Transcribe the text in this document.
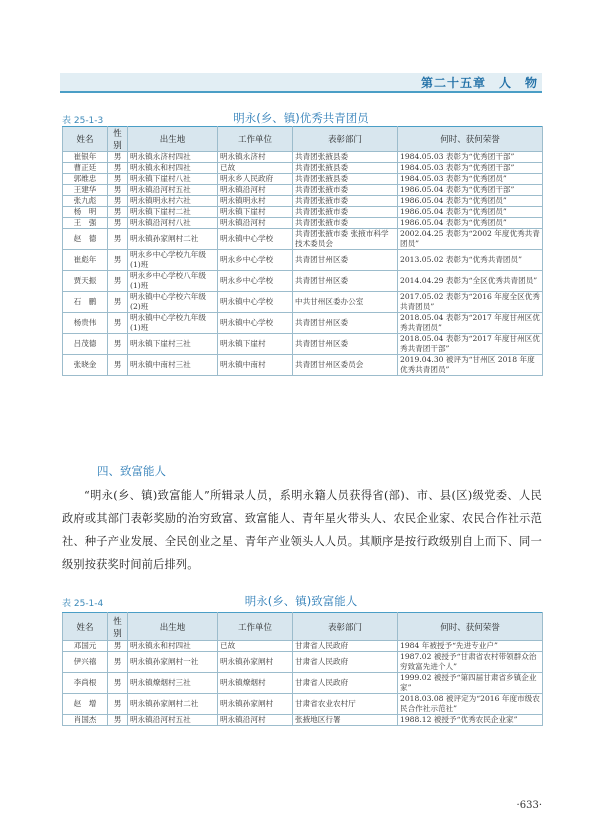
第二十五章　人　物
表 25-1-3	明永(乡、镇)优秀共青团员
姓名	性别	出生地	工作单位	表彰部门	何时、获何荣誉
崔银年	男	明永镇永济村四社	明永镇永济村	共青团张掖县委	1984.05.03 表彰为“优秀团干部”
曹正廷	男	明永镇永和村四社	已故	共青团张掖县委	1984.05.03 表彰为“优秀团干部”
郭维忠	男	明永镇下崖村八社	明永乡人民政府	共青团张掖县委	1984.05.03 表彰为“优秀团员”
王建华	男	明永镇沿河村五社	明永镇沿河村	共青团张掖市委	1986.05.04 表彰为“优秀团干部”
张九彪	男	明永镇明永村六社	明永镇明永村	共青团张掖市委	1986.05.04 表彰为“优秀团员”
杨　明	男	明永镇下崖村二社	明永镇下崖村	共青团张掖市委	1986.05.04 表彰为“优秀团员”
王　强	男	明永镇沿河村八社	明永镇沿河村	共青团张掖市委	1986.05.04 表彰为“优秀团员”
赵　德	男	明永镇孙家闸村二社	明永镇中心学校	共青团张掖市委 张掖市科学技术委员会	2002.04.25 表彰为“2002 年度优秀共青团员”
崔彪年	男	明永乡中心学校九年级(1)班	明永乡中心学校	共青团甘州区委	2013.05.02 表彰为“优秀共青团员”
贾天振	男	明永乡中心学校八年级(1)班	明永乡中心学校	共青团甘州区委	2014.04.29 表彰为“全区优秀共青团员”
石　鹏	男	明永镇中心学校六年级(2)班	明永镇中心学校	中共甘州区委办公室	2017.05.02 表彰为“2016 年度全区优秀共青团员”
杨贵伟	男	明永镇中心学校九年级(1)班	明永镇中心学校	共青团甘州区委	2018.05.04 表彰为“2017 年度甘州区优秀共青团员”
吕茂德	男	明永镇下崖村三社	明永镇下崖村	共青团甘州区委	2018.05.04 表彰为“2017 年度甘州区优秀共青团干部”
张晓金	男	明永镇中南村三社	明永镇中南村	共青团甘州区委员会	2019.04.30 被评为“甘州区 2018 年度优秀共青团员”
四、致富能人
“明永(乡、镇)致富能人”所辑录人员，系明永籍人员获得省(部)、市、县(区)级党委、人民政府或其部门表彰奖励的治穷致富、致富能人、青年星火带头人、农民企业家、农民合作社示范社、种子产业发展、全民创业之星、青年产业领头人人员。其顺序是按行政级别自上而下、同一级别按获奖时间前后排列。
表 25-1-4	明永(乡、镇)致富能人
姓名	性别	出生地	工作单位	表彰部门	何时、获何荣誉
邓国元	男	明永镇永和村四社	已故	甘肃省人民政府	1984 年被授予“先进专业户”
伊兴禧	男	明永镇孙家闸村一社	明永镇孙家闸村	甘肃省人民政府	1987.02 被授予“甘肃省农村带领群众治穷致富先进个人”
李尚根	男	明永镇燎烟村三社	明永镇燎烟村	甘肃省人民政府	1999.02 被授予“第四届甘肃省乡镇企业家”
赵　增	男	明永镇孙家闸村二社	明永镇孙家闸村	甘肃省农业农村厅	2018.03.08 被评定为“2016 年度市级农民合作社示范社”
肖国杰	男	明永镇沿河村五社	明永镇沿河村	张掖地区行署	1988.12 被授予“优秀农民企业家”
·633·
